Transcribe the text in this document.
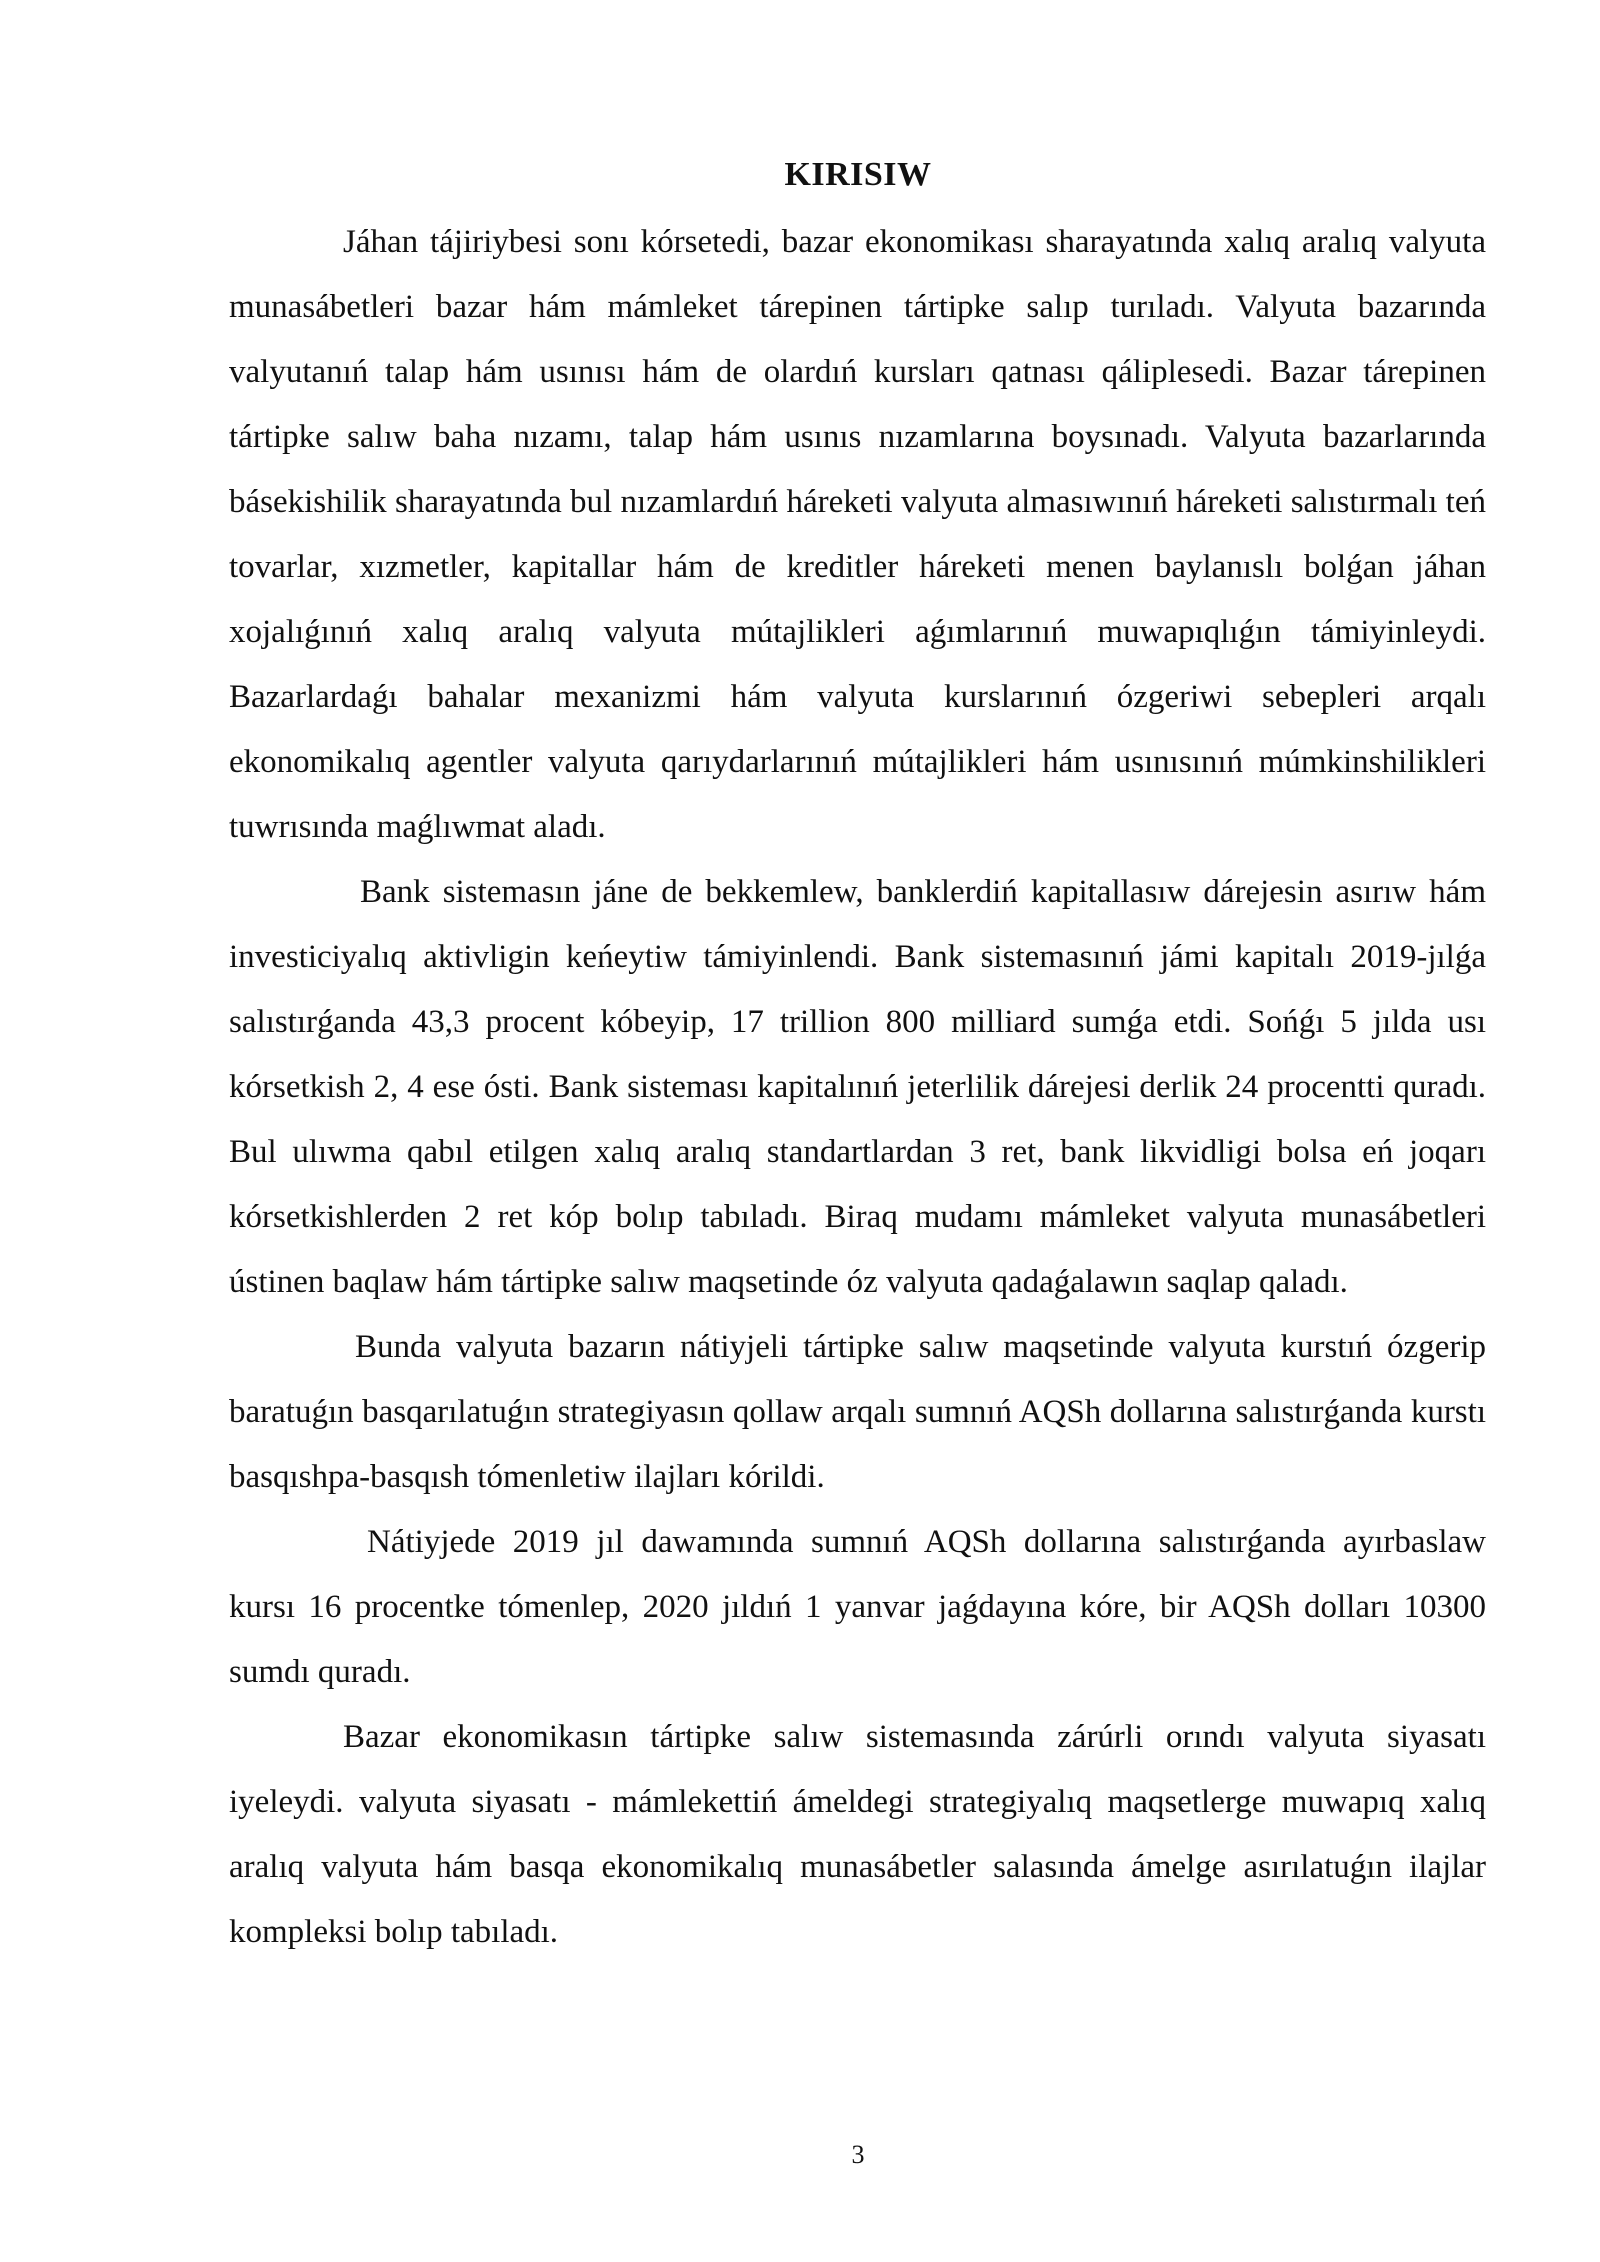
KIRISIW

Jáhan tájiriybesi sonı kórsetedi, bazar ekonomikası sharayatında xalıq aralıq valyuta munasábetleri bazar hám mámleket tárepinen tártipke salıp turıladı. Valyuta bazarında valyutanıń talap hám usınısı hám de olardıń kursları qatnası qáliplesedi. Bazar tárepinen tártipke salıw baha nızamı, talap hám usınıs nızamlarına boysınadı. Valyuta bazarlarında básekishilik sharayatında bul nızamlardıń háreketi valyuta almasıwınıń háreketi salıstırmalı teń tovarlar, xızmetler, kapitallar hám de kreditler háreketi menen baylanıslı bolǵan jáhan xojalıǵınıń xalıq aralıq valyuta mútajlikleri aǵımlarınıń muwapıqlıǵın támiyinleydi. Bazarlardaǵı bahalar mexanizmi hám valyuta kurslarınıń ózgeriwi sebepleri arqalı ekonomikalıq agentler valyuta qarıydarlarınıń mútajlikleri hám usınısınıń múmkinshilikleri tuwrısında maǵlıwmat aladı.

Bank sistemasın jáne de bekkemlew, banklerdiń kapitallasıw dárejesin asırıw hám investiciyalıq aktivligin keńeytiw támiyinlendi. Bank sistemasınıń jámi kapitalı 2019-jılǵa salıstırǵanda 43,3 procent kóbeyip, 17 trillion 800 milliard sumǵa etdi. Sońǵı 5 jılda usı kórsetkish 2, 4 ese ósti. Bank sisteması kapitalınıń jeterlilik dárejesi derlik 24 procentti quradı. Bul ulıwma qabıl etilgen xalıq aralıq standartlardan 3 ret, bank likvidligi bolsa eń joqarı kórsetkishlerden 2 ret kóp bolıp tabıladı. Biraq mudamı mámleket valyuta munasábetleri ústinen baqlaw hám tártipke salıw maqsetinde óz valyuta qadaǵalawın saqlap qaladı.

Bunda valyuta bazarın nátiyjeli tártipke salıw maqsetinde valyuta kurstıń ózgerip baratuǵın basqarılatuǵın strategiyasın qollaw arqalı sumnıń AQSh dollarına salıstırǵanda kurstı basqıshpa-basqısh tómenletiw ilajları kórildi.

Nátiyjede 2019 jıl dawamında sumnıń AQSh dollarına salıstırǵanda ayırbaslaw kursı 16 procentke tómenlep, 2020 jıldıń 1 yanvar jaǵdayına kóre, bir AQSh dolları 10300 sumdı quradı.

Bazar ekonomikasın tártipke salıw sistemasında zárúrli orındı valyuta siyasatı iyeleydi. valyuta siyasatı - mámlekettiń ámeldegi strategiyalıq maqsetlerge muwapıq xalıq aralıq valyuta hám basqa ekonomikalıq munasábetler salasında ámelge asırılatuǵın ilajlar kompleksi bolıp tabıladı.

3
